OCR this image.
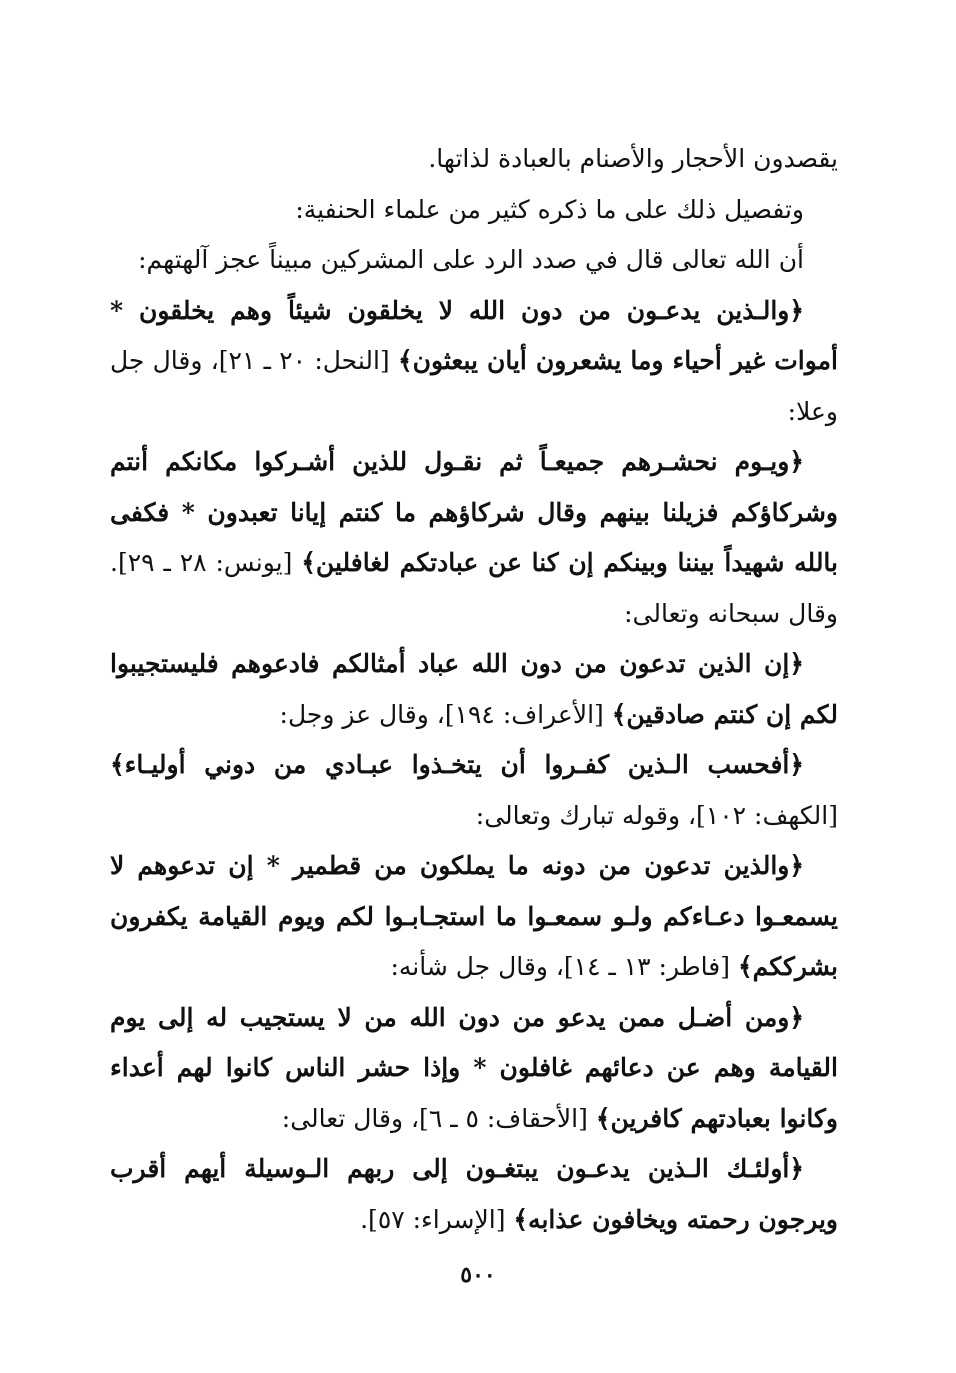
يقصدون الأحجار والأصنام بالعبادة لذاتها.

وتفصيل ذلك على ما ذكره كثير من علماء الحنفية:

أن الله تعالى قال في صدد الرد على المشركين مبيناً عجز آلهتهم:

﴿والـذين يدعـون من دون الله لا يخلقون شيئاً وهم يخلقون * أموات غير أحياء وما يشعرون أيان يبعثون﴾ [النحل: ٢٠ ـ ٢١]، وقال جل وعلا:

﴿ويـوم نحشـرهم جميعـاً ثم نقـول للذين أشـركوا مكانكم أنتم وشركاؤكم فزيلنا بينهم وقال شركاؤهم ما كنتم إيانا تعبدون * فكفى بالله شهيداً بيننا وبينكم إن كنا عن عبادتكم لغافلين﴾ [يونس: ٢٨ ـ ٢٩]. وقال سبحانه وتعالى:

﴿إن الذين تدعون من دون الله عباد أمثالكم فادعوهم فليستجيبوا لكم إن كنتم صادقين﴾ [الأعراف: ١٩٤]، وقال عز وجل:

﴿أفحسب الـذين كفـروا أن يتخـذوا عبـادي من دوني أوليـاء﴾ [الكهف: ١٠٢]، وقوله تبارك وتعالى:

﴿والذين تدعون من دونه ما يملكون من قطمير * إن تدعوهم لا يسمعـوا دعـاءكم ولـو سمعـوا ما استجـابـوا لكم ويوم القيامة يكفرون بشرككم﴾ [فاطر: ١٣ ـ ١٤]، وقال جل شأنه:

﴿ومن أضـل ممن يدعو من دون الله من لا يستجيب له إلى يوم القيامة وهم عن دعائهم غافلون * وإذا حشر الناس كانوا لهم أعداء وكانوا بعبادتهم كافرين﴾ [الأحقاف: ٥ ـ ٦]، وقال تعالى:

﴿أولئـك الـذين يدعـون يبتغـون إلى ربهم الـوسيلة أيهم أقرب ويرجون رحمته ويخافون عذابه﴾ [الإسراء: ٥٧].

٥٠٠
